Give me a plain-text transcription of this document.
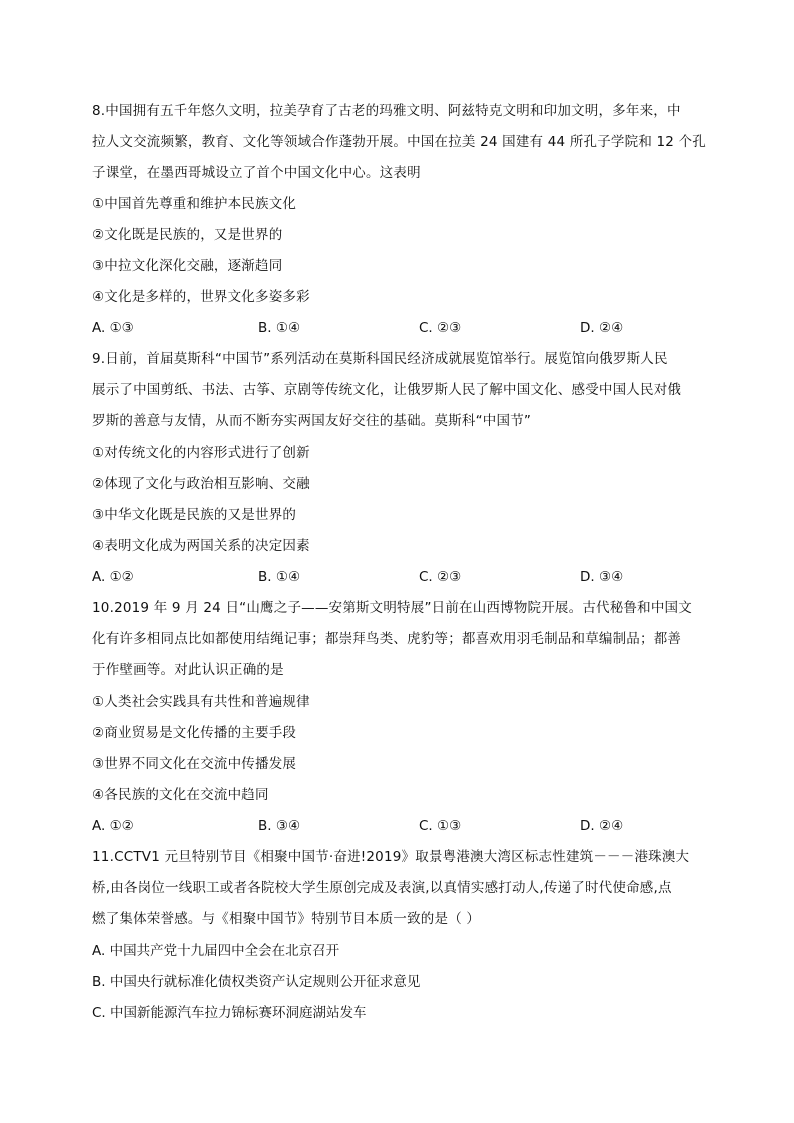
8.中国拥有五千年悠久文明，拉美孕育了古老的玛雅文明、阿兹特克文明和印加文明，多年来，中
拉人文交流频繁，教育、文化等领域合作蓬勃开展。中国在拉美 24 国建有 44 所孔子学院和 12 个孔
子课堂，在墨西哥城设立了首个中国文化中心。这表明
①中国首先尊重和维护本民族文化
②文化既是民族的，又是世界的
③中拉文化深化交融，逐渐趋同
④文化是多样的，世界文化多姿多彩
A. ①③	B. ①④	C. ②③	D. ②④
9.日前，首届莫斯科“中国节”系列活动在莫斯科国民经济成就展览馆举行。展览馆向俄罗斯人民
展示了中国剪纸、书法、古筝、京剧等传统文化，让俄罗斯人民了解中国文化、感受中国人民对俄
罗斯的善意与友情，从而不断夯实两国友好交往的基础。莫斯科“中国节”
①对传统文化的内容形式进行了创新
②体现了文化与政治相互影响、交融
③中华文化既是民族的又是世界的
④表明文化成为两国关系的决定因素
A. ①②	B. ①④	C. ②③	D. ③④
10.2019 年 9 月 24 日“山鹰之子——安第斯文明特展”日前在山西博物院开展。古代秘鲁和中国文
化有许多相同点比如都使用结绳记事；都崇拜鸟类、虎豹等；都喜欢用羽毛制品和草编制品；都善
于作壁画等。对此认识正确的是
①人类社会实践具有共性和普遍规律
②商业贸易是文化传播的主要手段
③世界不同文化在交流中传播发展
④各民族的文化在交流中趋同
A. ①②	B. ③④	C. ①③	D. ②④
11.CCTV1 元旦特别节目《相聚中国节·奋进!2019》取景粤港澳大湾区标志性建筑－－－港珠澳大
桥,由各岗位一线职工或者各院校大学生原创完成及表演,以真情实感打动人,传递了时代使命感,点
燃了集体荣誉感。与《相聚中国节》特别节目本质一致的是（ ）
A. 中国共产党十九届四中全会在北京召开
B. 中国央行就标准化债权类资产认定规则公开征求意见
C. 中国新能源汽车拉力锦标赛环洞庭湖站发车
